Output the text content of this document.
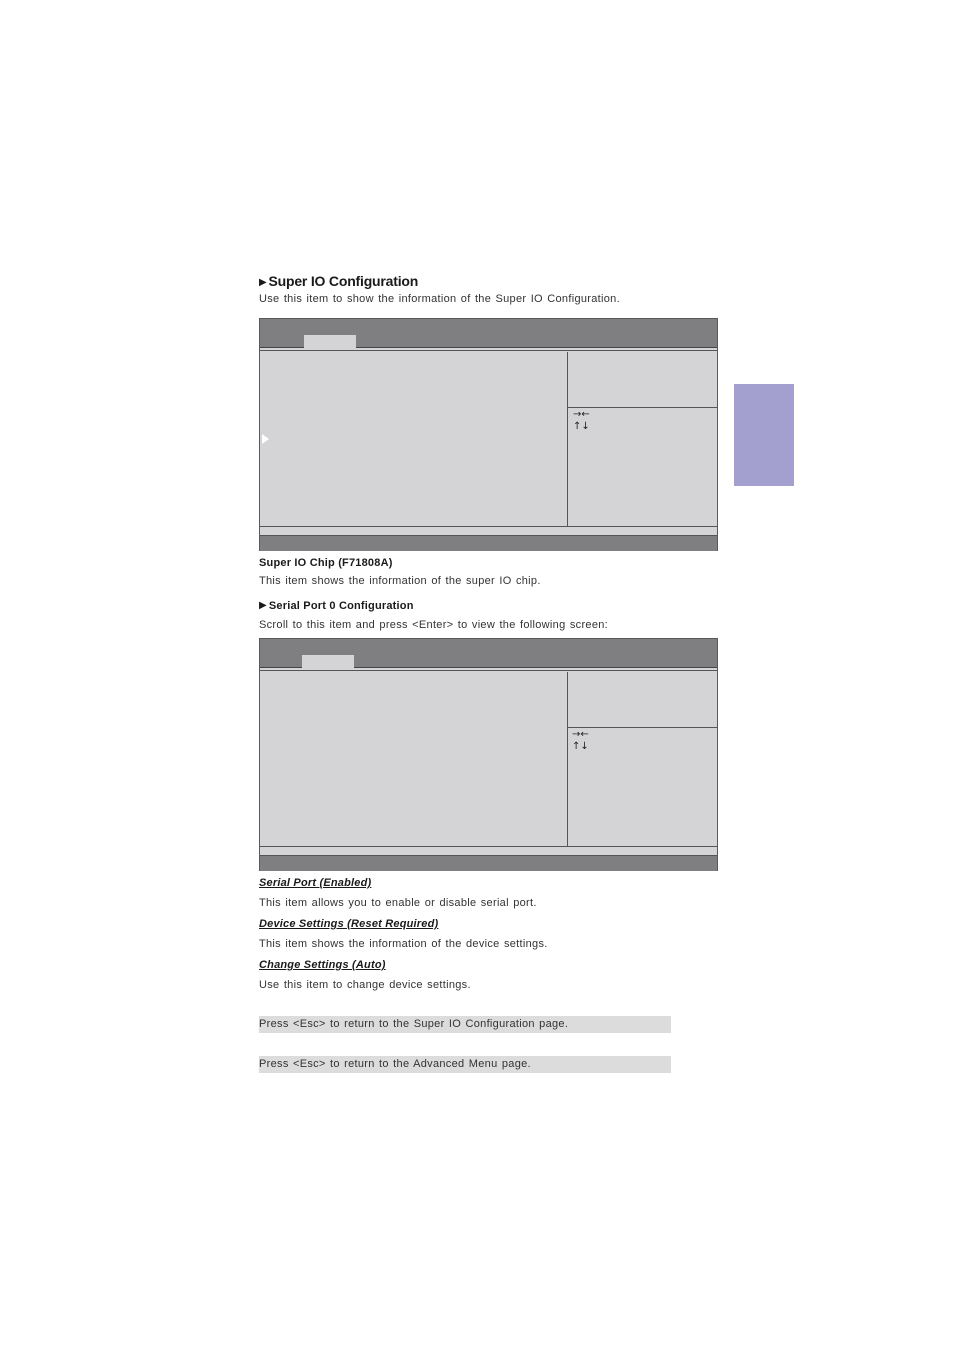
▶ Super IO Configuration
Use this item to show the information of the Super IO Configuration.
→←
↑↓
Super IO Chip (F71808A)
This item shows the information of the super IO chip.
▶ Serial Port 0 Configuration
Scroll to this item and press <Enter> to view the following screen:
→←
↑↓
Serial Port (Enabled)
This item allows you to enable or disable serial port.
Device Settings (Reset Required)
This item shows the information of the device settings.
Change Settings (Auto)
Use this item to change device settings.
Press <Esc> to return to the Super IO Configuration page.
Press <Esc> to return to the Advanced Menu page.
